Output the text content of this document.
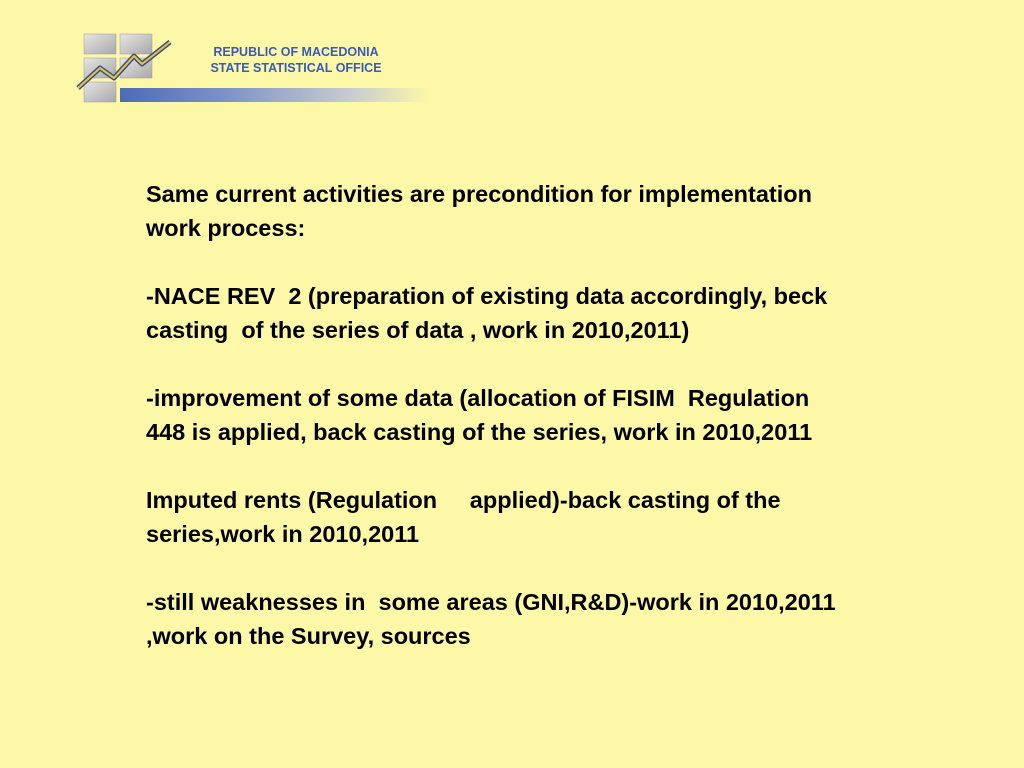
REPUBLIC OF MACEDONIA
STATE STATISTICAL OFFICE

Same current activities are precondition for implementation
work process:

-NACE REV  2 (preparation of existing data accordingly, beck
casting  of the series of data , work in 2010,2011)

-improvement of some data (allocation of FISIM  Regulation
448 is applied, back casting of the series, work in 2010,2011

Imputed rents (Regulation     applied)-back casting of the
series,work in 2010,2011

-still weaknesses in  some areas (GNI,R&D)-work in 2010,2011
,work on the Survey, sources
